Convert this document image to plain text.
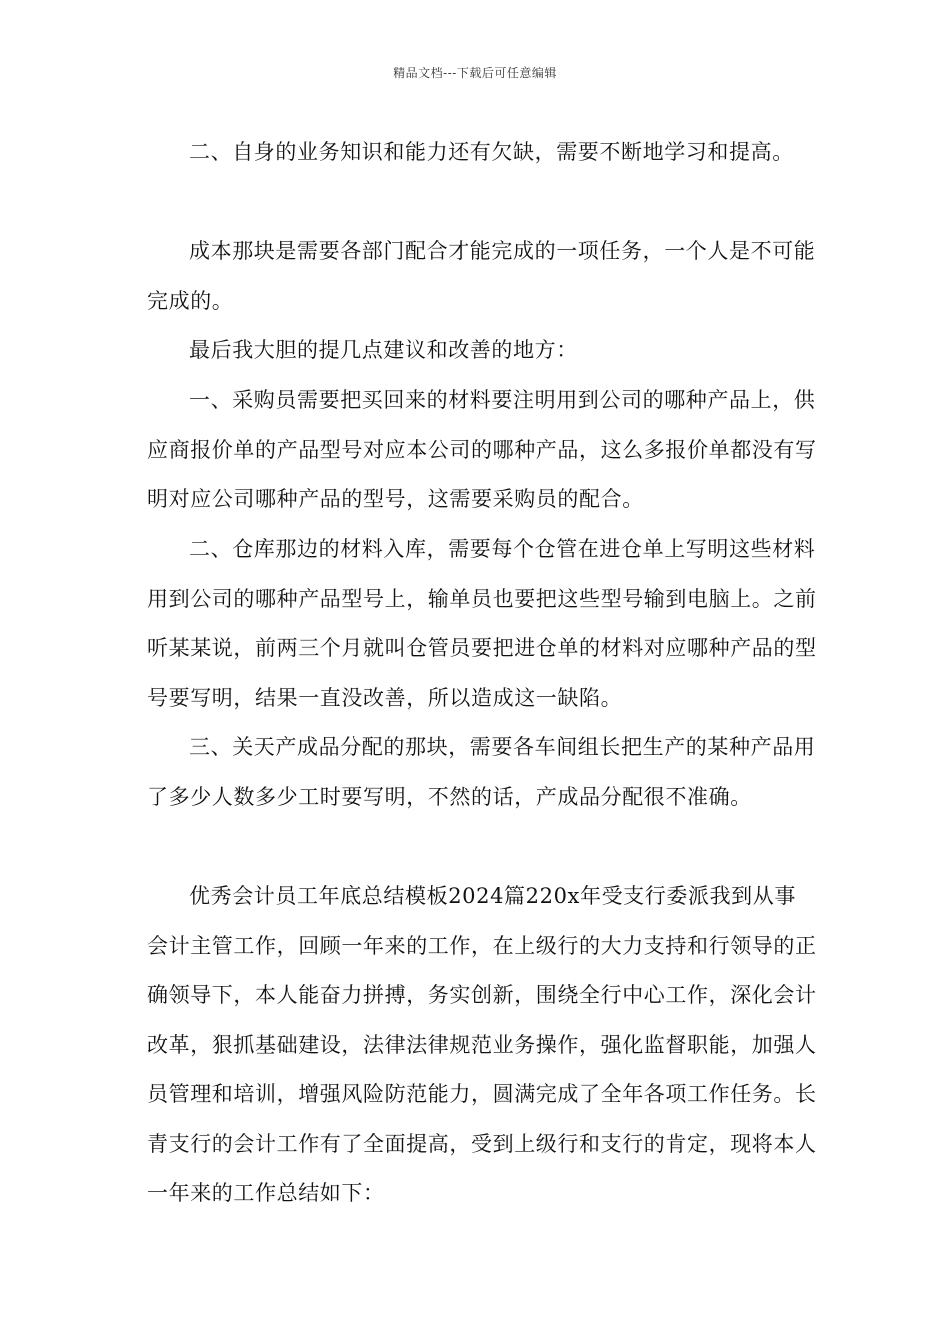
精品文档---下载后可任意编辑

二、自身的业务知识和能力还有欠缺，需要不断地学习和提高。

成本那块是需要各部门配合才能完成的一项任务，一个人是不可能完成的。

最后我大胆的提几点建议和改善的地方：

一、采购员需要把买回来的材料要注明用到公司的哪种产品上，供应商报价单的产品型号对应本公司的哪种产品，这么多报价单都没有写明对应公司哪种产品的型号，这需要采购员的配合。

二、仓库那边的材料入库，需要每个仓管在进仓单上写明这些材料用到公司的哪种产品型号上，输单员也要把这些型号输到电脑上。之前听某某说，前两三个月就叫仓管员要把进仓单的材料对应哪种产品的型号要写明，结果一直没改善，所以造成这一缺陷。

三、关天产成品分配的那块，需要各车间组长把生产的某种产品用了多少人数多少工时要写明，不然的话，产成品分配很不准确。

优秀会计员工年底总结模板2024篇220x年受支行委派我到从事会计主管工作，回顾一年来的工作，在上级行的大力支持和行领导的正确领导下，本人能奋力拼搏，务实创新，围绕全行中心工作，深化会计改革，狠抓基础建设，法律法律规范业务操作，强化监督职能，加强人员管理和培训，增强风险防范能力，圆满完成了全年各项工作任务。长青支行的会计工作有了全面提高，受到上级行和支行的肯定，现将本人一年来的工作总结如下：
